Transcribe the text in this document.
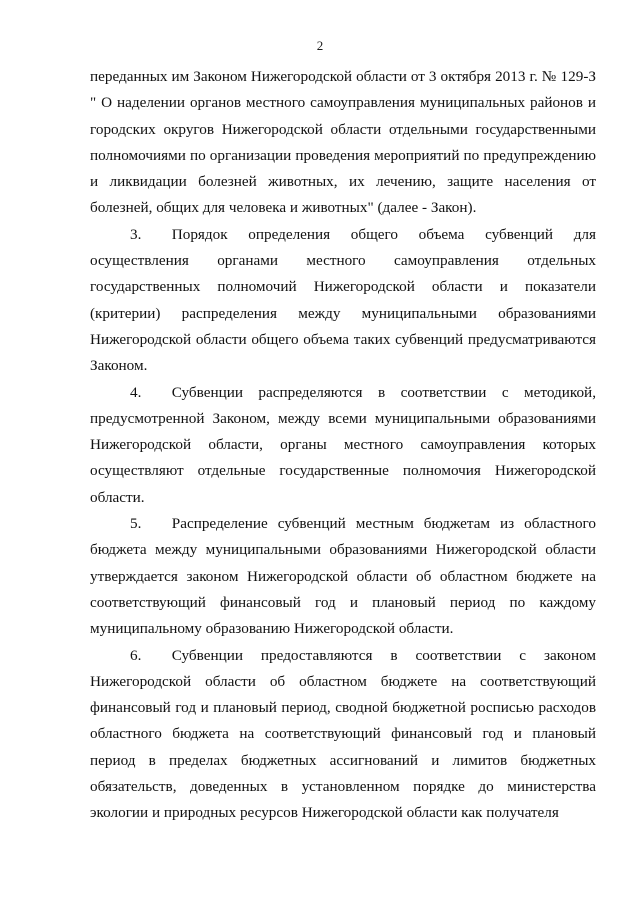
2

переданных им Законом Нижегородской области от 3 октября 2013 г. № 129-З " О наделении органов местного самоуправления муниципальных районов и городских округов Нижегородской области отдельными государственными полномочиями по организации проведения мероприятий по предупреждению и ликвидации болезней животных, их лечению, защите населения от болезней, общих для человека и животных" (далее - Закон).

3.  Порядок определения общего объема субвенций для осуществления органами местного самоуправления отдельных государственных полномочий Нижегородской области и показатели (критерии) распределения между муниципальными образованиями Нижегородской области общего объема таких субвенций предусматриваются Законом.

4.  Субвенции распределяются в соответствии с методикой, предусмотренной Законом, между всеми муниципальными образованиями Нижегородской области, органы местного самоуправления которых осуществляют отдельные государственные полномочия Нижегородской области.

5.  Распределение субвенций местным бюджетам из областного бюджета между муниципальными образованиями Нижегородской области утверждается законом Нижегородской области об областном бюджете на соответствующий финансовый год и плановый период по каждому муниципальному образованию Нижегородской области.

6.  Субвенции предоставляются в соответствии с законом Нижегородской области об областном бюджете на соответствующий финансовый год и плановый период, сводной бюджетной росписью расходов областного бюджета на соответствующий финансовый год и плановый период в пределах бюджетных ассигнований и лимитов бюджетных обязательств, доведенных в установленном порядке до министерства экологии и природных ресурсов Нижегородской области как получателя
